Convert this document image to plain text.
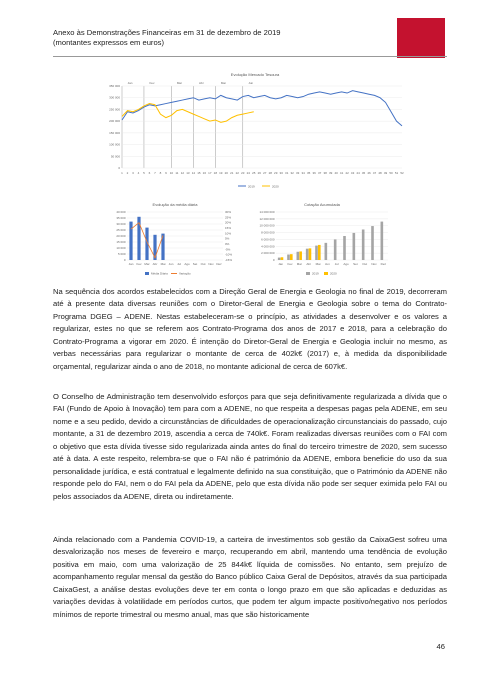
Anexo às Demonstrações Financeiras em 31 de dezembro de 2019
(montantes expressos em euros)
Evolução Mercado Tesoura
Jan	Fev	Mar	Abr	Mai	Jun
350 000
300 000
250 000
200 000
150 000
100 000
50 000
0
1 2 3 4 5 6 7 8 9 10 11 12 13 14 15 16 17 18 19 20 21 22 23 24 25 26 27 28 29 30 31 32 33 34 35 36 37 38 39 40 41 42 43 44 45 46 47 48 49 50 51 52
2019	2020
Evolução da média diária
40 000
35 000
30 000
25 000
20 000
15 000
10 000
5 000
0
30%
25%
20%
15%
10%
5%
0%
-5%
-10%
-15%
Jan Fev Mar Abr Mai Jun Jul Ago Set Out Nov Dez
Média Diária	Variação
Cotação Acumulada
14 000 000
12 000 000
10 000 000
8 000 000
6 000 000
4 000 000
2 000 000
0
Jan Fev Mar Abr Mai Jun Jul Ago Set Out Nov Dez
2019	2020

Na sequência dos acordos estabelecidos com a Direção Geral de Energia e Geologia no final de 2019, decorreram até à presente data diversas reuniões com o Diretor-Geral de Energia e Geologia sobre o tema do Contrato-Programa DGEG – ADENE. Nestas estabeleceram-se o princípio, as atividades a desenvolver e os valores a regularizar, estes no que se referem aos Contrato-Programa dos anos de 2017 e 2018, para a celebração do Contrato-Programa a vigorar em 2020. É intenção do Diretor-Geral de Energia e Geologia incluir no mesmo, as verbas necessárias para regularizar o montante de cerca de 402k€ (2017) e, à medida da disponibilidade orçamental, regularizar ainda o ano de 2018, no montante adicional de cerca de 607k€.

O Conselho de Administração tem desenvolvido esforços para que seja definitivamente regularizada a dívida que o FAI (Fundo de Apoio à Inovação) tem para com a ADENE, no que respeita a despesas pagas pela ADENE, em seu nome e a seu pedido, devido a circunstâncias de dificuldades de operacionalização circunstanciais do passado, cujo montante, a 31 de dezembro 2019, ascendia a cerca de 740k€. Foram realizadas diversas reuniões com o FAI com o objetivo que esta dívida tivesse sido regularizada ainda antes do final do terceiro trimestre de 2020, sem sucesso até à data. A este respeito, relembra-se que o FAI não é património da ADENE, embora beneficie do uso da sua personalidade jurídica, e está contratual e legalmente definido na sua constituição, que o Património da ADENE não responde pelo do FAI, nem o do FAI pela da ADENE, pelo que esta dívida não pode ser sequer eximida pelo FAI ou pelos associados da ADENE, direta ou indiretamente.

Ainda relacionado com a Pandemia COVID-19, a carteira de investimentos sob gestão da CaixaGest sofreu uma desvalorização nos meses de fevereiro e março, recuperando em abril, mantendo uma tendência de evolução positiva em maio, com uma valorização de 25 844k€ líquida de comissões. No entanto, sem prejuízo de acompanhamento regular mensal da gestão do Banco público Caixa Geral de Depósitos, através da sua participada CaixaGest, a análise destas evoluções deve ter em conta o longo prazo em que são aplicadas e deduzidas as variações devidas à volatilidade em períodos curtos, que podem ter algum impacte positivo/negativo nos períodos mínimos de reporte trimestral ou mesmo anual, mas que são historicamente

46
